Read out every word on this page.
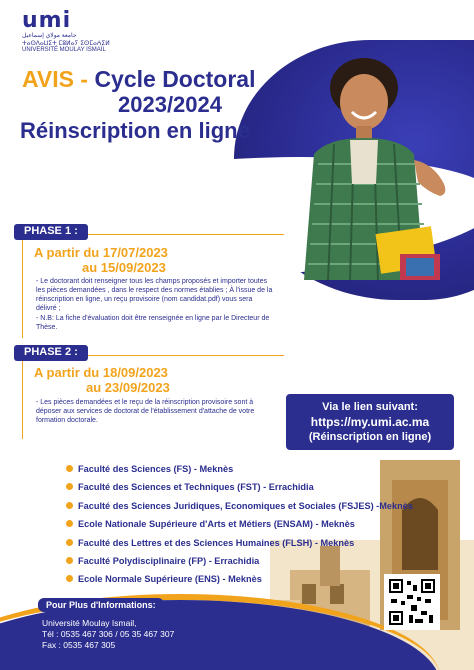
umi
جامعة مولاي إسماعيل
ⵜⴰⵙⴷⴰⵡⵉⵜ ⵎⵓⵍⴰⵢ ⵉⵙⵎⴰⵄⵉⵍ
UNIVERSITÉ MOULAY ISMAÏL
AVIS - Cycle Doctoral
2023/2024
Réinscription en ligne
PHASE 1 :
A partir du 17/07/2023
au 15/09/2023

- Le doctorant doit renseigner tous les champs proposés et importer toutes les pièces demandées , dans le respect des normes établies ; À l'issue de la réinscription en ligne, un reçu provisoire (nom candidat.pdf) vous sera délivré ;

- N.B: La fiche d'évaluation doit être renseignée en ligne par le Directeur de Thèse.

PHASE 2 :
A partir du 18/09/2023
au 23/09/2023

- Les pièces demandées et le reçu de la réinscription provisoire sont à déposer aux services de doctorat de l'établissement d'attache de votre formation doctorale.

Via le lien suivant:
https://my.umi.ac.ma
(Réinscription en ligne)
Faculté des Sciences (FS) - Meknès
Faculté des Sciences et Techniques (FST) - Errachidia
Faculté des Sciences Juridiques, Economiques et Sociales (FSJES) -Meknès
Ecole Nationale Supérieure d'Arts et Métiers (ENSAM) - Meknès
Faculté des Lettres et des Sciences Humaines (FLSH) - Meknès
Faculté Polydisciplinaire (FP) - Errachidia
Ecole Normale Supérieure (ENS) - Meknès
Pour Plus d'Informations:
Université Moulay Ismail,
Tél : 0535 467 306 / 05 35 467 307
Fax : 0535 467 305
